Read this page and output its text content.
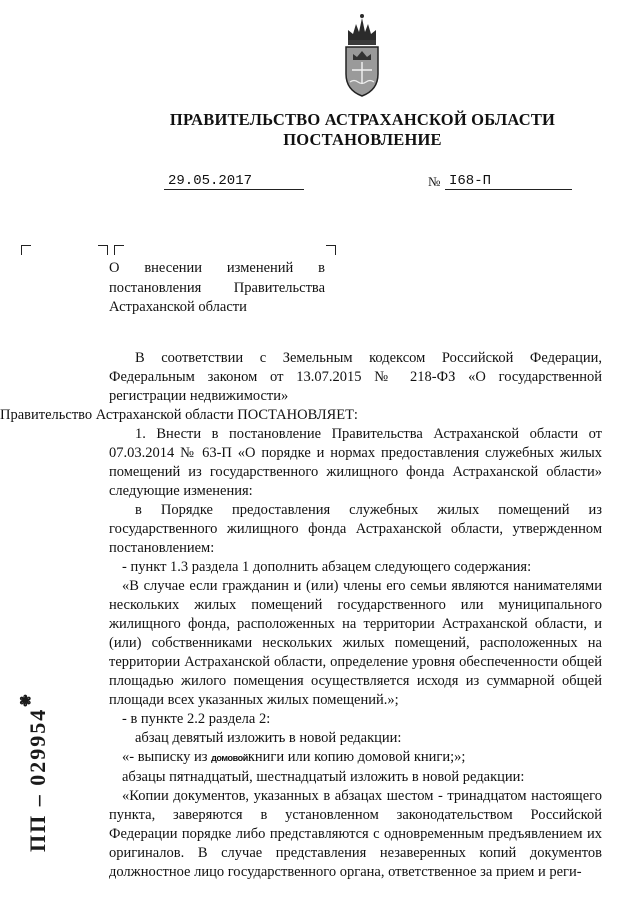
ПРАВИТЕЛЬСТВО АСТРАХАНСКОЙ ОБЛАСТИ
ПОСТАНОВЛЕНИЕ
29.05.2017	№ I68-П
О внесении изменений в постановления Правительства Астраханской области

В соответствии с Земельным кодексом Российской Федерации, Федеральным законом от 13.07.2015 № 218-ФЗ «О государственной регистрации недвижимости»

Правительство Астраханской области ПОСТАНОВЛЯЕТ:

1. Внести в постановление Правительства Астраханской области от 07.03.2014 № 63-П «О порядке и нормах предоставления служебных жилых помещений из государственного жилищного фонда Астраханской области» следующие изменения:

в Порядке предоставления служебных жилых помещений из государственного жилищного фонда Астраханской области, утвержденном постановлением:

- пункт 1.3 раздела 1 дополнить абзацем следующего содержания:

«В случае если гражданин и (или) члены его семьи являются нанимателями нескольких жилых помещений государственного или муниципального жилищного фонда, расположенных на территории Астраханской области, и (или) собственниками нескольких жилых помещений, расположенных на территории Астраханской области, определение уровня обеспеченности общей площадью жилого помещения осуществляется исходя из суммарной общей площади всех указанных жилых помещений.»;

- в пункте 2.2 раздела 2:

абзац девятый изложить в новой редакции:

«- выписку из домовойкниги или копию домовой книги;»;

абзацы пятнадцатый, шестнадцатый изложить в новой редакции:

«Копии документов, указанных в абзацах шестом - тринадцатом настоящего пункта, заверяются в установленном законодательством Российской Федерации порядке либо представляются с одновременным предъявлением их оригиналов. В случае представления незаверенных копий документов должностное лицо государственного органа, ответственное за прием и реги-

ПП – 029954
❃
